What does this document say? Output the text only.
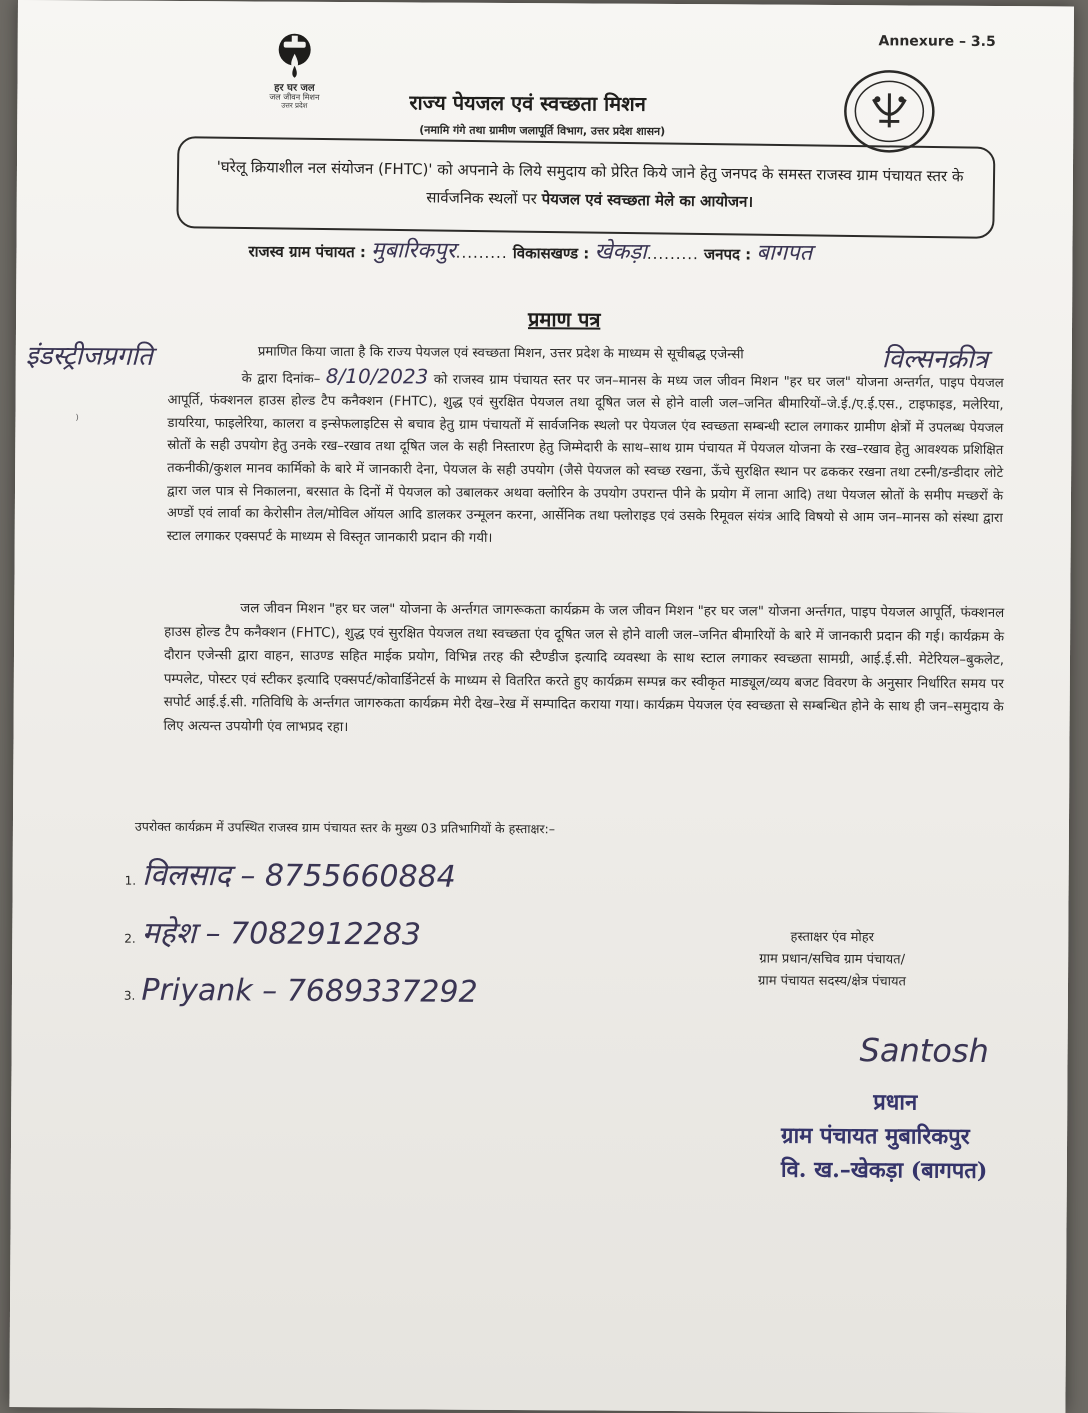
Annexure – 3.5
हर घर जल
जल जीवन मिशन
उत्तर प्रदेश	राज्य पेयजल एवं स्वच्छता मिशन
(नमामि गंगे तथा ग्रामीण जलापूर्ति विभाग, उत्तर प्रदेश शासन)

'घरेलू क्रियाशील नल संयोजन (FHTC)' को अपनाने के लिये समुदाय को प्रेरित किये जाने हेतु जनपद के समस्त राजस्व ग्राम पंचायत स्तर के सार्वजनिक स्थलों पर पेयजल एवं स्वच्छता मेले का आयोजन।

राजस्व ग्राम पंचायत : मुबारिकपुर......... विकासखण्ड : खेकड़ा......... जनपद : बागपत
प्रमाण पत्र
इंडस्ट्रीजप्रगति	विल्सनक्रीत्र
⁾
प्रमाणित किया जाता है कि राज्य पेयजल एवं स्वच्छता मिशन, उत्तर प्रदेश के माध्यम से सूचीबद्ध एजेन्सी
के द्वारा दिनांक– 8/10/2023 को राजस्व ग्राम पंचायत स्तर पर जन–मानस के मध्य जल जीवन मिशन "हर घर जल" योजना अन्तर्गत, पाइप पेयजल आपूर्ति, फंक्शनल हाउस होल्ड टैप कनैक्शन (FHTC), शुद्ध एवं सुरक्षित पेयजल तथा दूषित जल से होने वाली जल–जनित बीमारियों–जे.ई./ए.ई.एस., टाइफाइड, मलेरिया, डायरिया, फाइलेरिया, कालरा व इन्सेफलाइटिस से बचाव हेतु ग्राम पंचायतों में सार्वजनिक स्थलो पर पेयजल एंव स्वच्छता सम्बन्धी स्टाल लगाकर ग्रामीण क्षेत्रों में उपलब्ध पेयजल स्रोतों के सही उपयोग हेतु उनके रख–रखाव तथा दूषित जल के सही निस्तारण हेतु जिम्मेदारी के साथ–साथ ग्राम पंचायत में पेयजल योजना के रख–रखाव हेतु आवश्यक प्रशिक्षित तकनीकी/कुशल मानव कार्मिको के बारे में जानकारी देना, पेयजल के सही उपयोग (जैसे पेयजल को स्वच्छ रखना, ऊँचे सुरक्षित स्थान पर ढककर रखना तथा टस्नी/डन्डीदार लोटे द्वारा जल पात्र से निकालना, बरसात के दिनों में पेयजल को उबालकर अथवा क्लोरिन के उपयोग उपरान्त पीने के प्रयोग में लाना आदि) तथा पेयजल स्रोतों के समीप मच्छरों के अण्डों एवं लार्वा का केरोसीन तेल/मोविल ऑयल आदि डालकर उन्मूलन करना, आर्सेनिक तथा फ्लोराइड एवं उसके रिमूवल संयंत्र आदि विषयो से आम जन–मानस को संस्था द्वारा स्टाल लगाकर एक्सपर्ट के माध्यम से विस्तृत जानकारी प्रदान की गयी।
जल जीवन मिशन "हर घर जल" योजना के अर्न्तगत जागरूकता कार्यक्रम के जल जीवन मिशन "हर घर जल" योजना अर्न्तगत, पाइप पेयजल आपूर्ति, फंक्शनल हाउस होल्ड टैप कनैक्शन (FHTC), शुद्ध एवं सुरक्षित पेयजल तथा स्वच्छता एंव दूषित जल से होने वाली जल–जनित बीमारियों के बारे में जानकारी प्रदान की गई। कार्यक्रम के दौरान एजेन्सी द्वारा वाहन, साउण्ड सहित माईक प्रयोग, विभिन्न तरह की स्टैण्डीज इत्यादि व्यवस्था के साथ स्टाल लगाकर स्वच्छता सामग्री, आई.ई.सी. मेटेरियल–बुकलेट, पम्पलेट, पोस्टर एवं स्टीकर इत्यादि एक्सपर्ट/कोवार्डिनेटर्स के माध्यम से वितरित करते हुए कार्यक्रम सम्पन्न कर स्वीकृत माड्यूल/व्यय बजट विवरण के अनुसार निर्धारित समय पर सपोर्ट आई.ई.सी. गतिविधि के अर्न्तगत जागरुकता कार्यक्रम मेरी देख–रेख में सम्पादित कराया गया। कार्यक्रम पेयजल एंव स्वच्छता से सम्बन्धित होने के साथ ही जन–समुदाय के लिए अत्यन्त उपयोगी एंव लाभप्रद रहा।
उपरोक्त कार्यक्रम में उपस्थित राजस्व ग्राम पंचायत स्तर के मुख्य 03 प्रतिभागियों के हस्ताक्षर:–
1. विलसाद – 8755660884
2. महेश – 7082912283
3. Priyank – 7689337292
हस्ताक्षर एंव मोहर
ग्राम प्रधान/सचिव ग्राम पंचायत/
ग्राम पंचायत सदस्य/क्षेत्र पंचायत
Santosh
प्रधान
ग्राम पंचायत मुबारिकपुर
वि. ख.–खेकड़ा (बागपत)
